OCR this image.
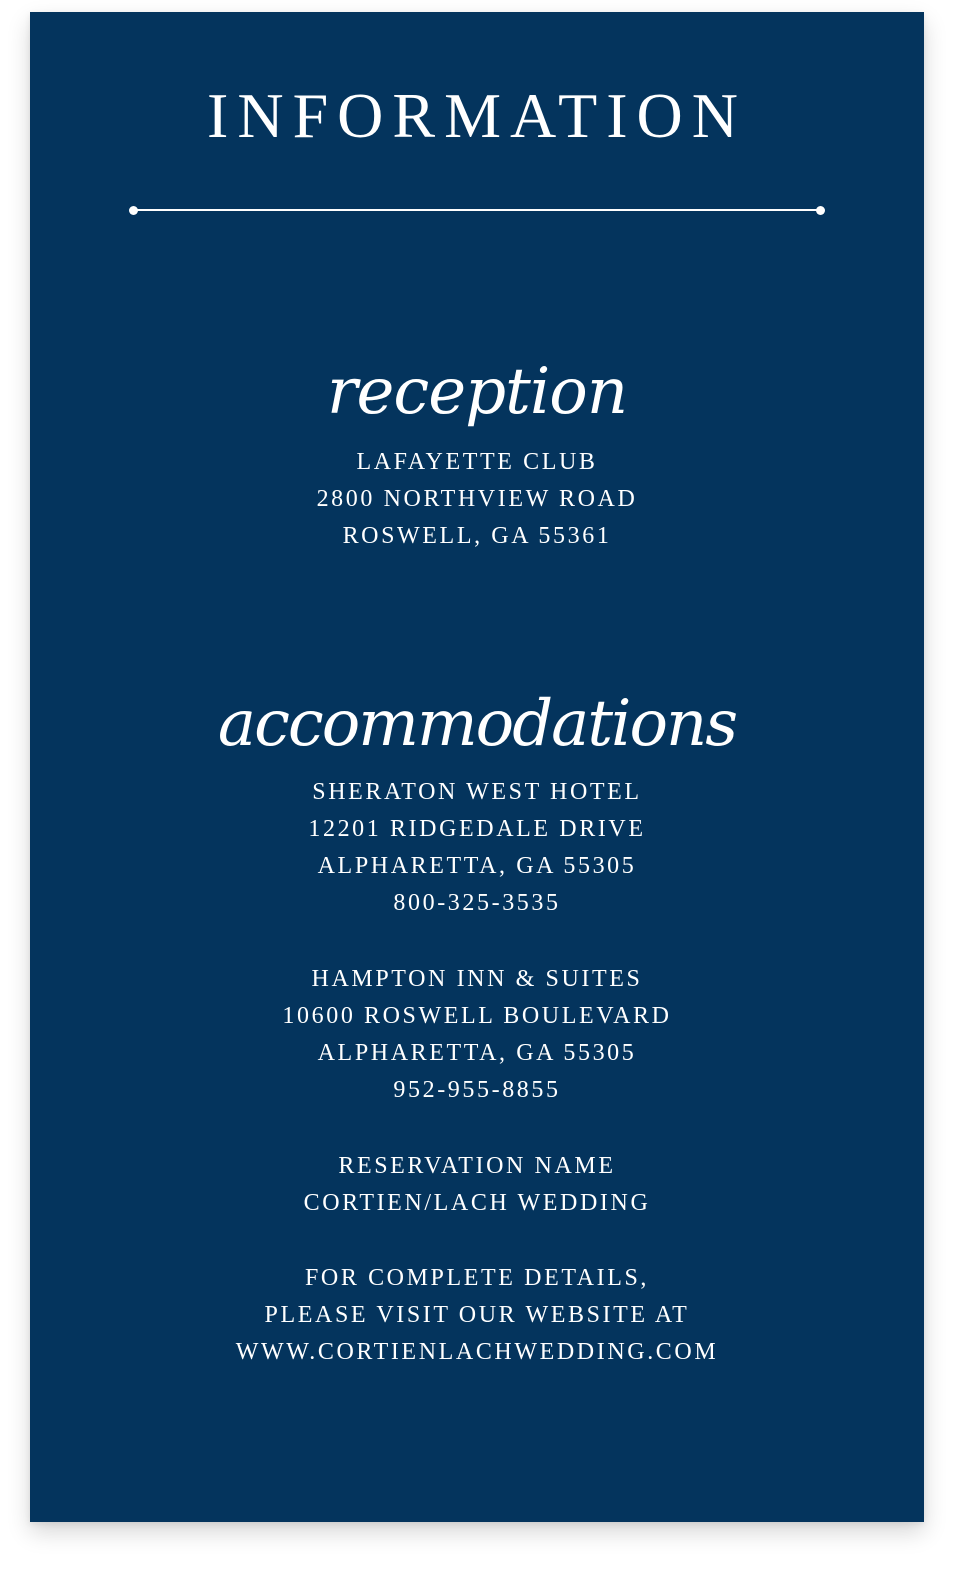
INFORMATION
reception
LAFAYETTE CLUB
2800 NORTHVIEW ROAD
ROSWELL, GA 55361
accommodations
SHERATON WEST HOTEL
12201 RIDGEDALE DRIVE
ALPHARETTA, GA 55305
800-325-3535
HAMPTON INN & SUITES
10600 ROSWELL BOULEVARD
ALPHARETTA, GA 55305
952-955-8855
RESERVATION NAME
CORTIEN/LACH WEDDING
FOR COMPLETE DETAILS,
PLEASE VISIT OUR WEBSITE AT
WWW.CORTIENLACHWEDDING.COM
